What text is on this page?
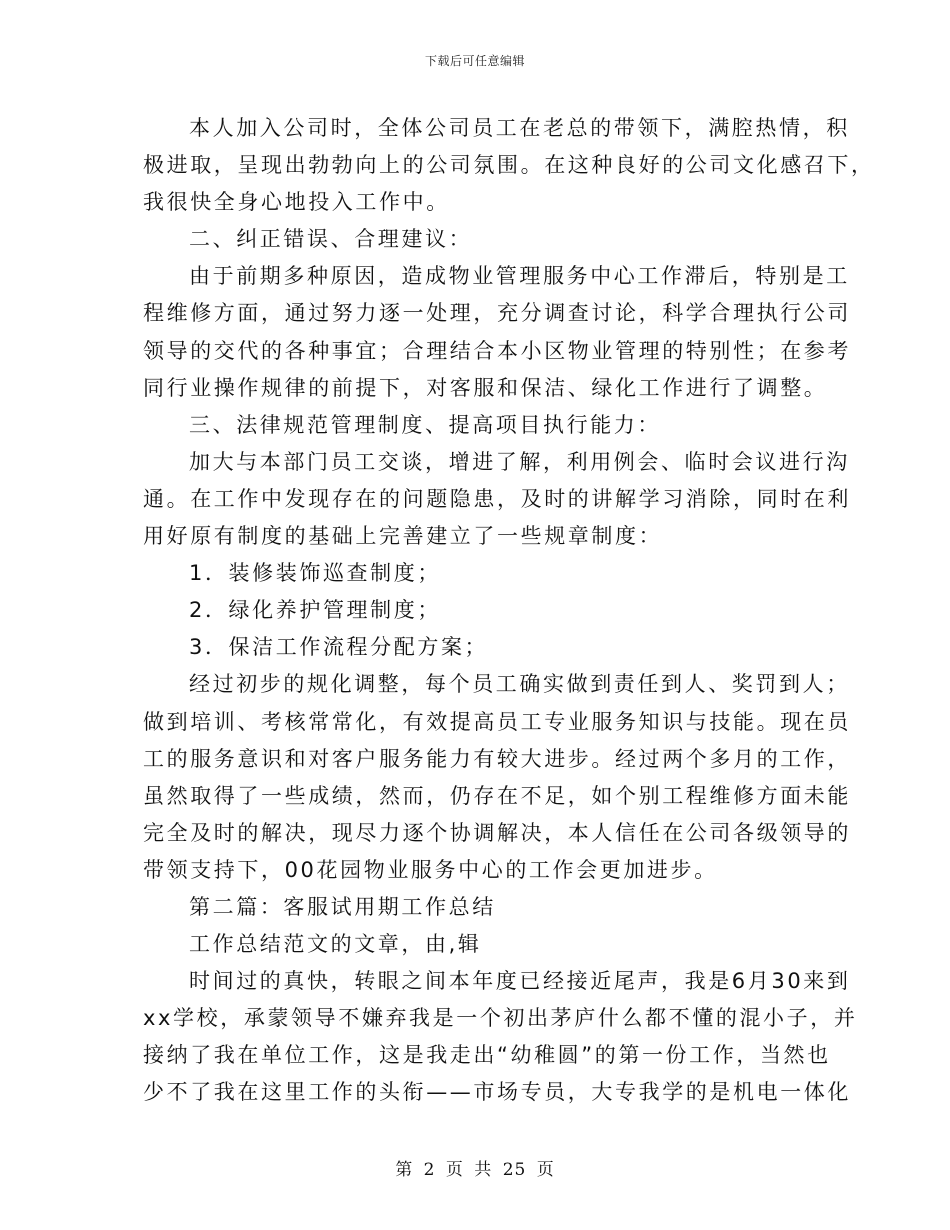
下载后可任意编辑
本人加入公司时，全体公司员工在老总的带领下，满腔热情，积
极进取，呈现出勃勃向上的公司氛围。在这种良好的公司文化感召下，
我很快全身心地投入工作中。
二、纠正错误、合理建议：
由于前期多种原因，造成物业管理服务中心工作滞后，特别是工
程维修方面，通过努力逐一处理，充分调查讨论，科学合理执行公司
领导的交代的各种事宜；合理结合本小区物业管理的特别性；在参考
同行业操作规律的前提下，对客服和保洁、绿化工作进行了调整。
三、法律规范管理制度、提高项目执行能力：
加大与本部门员工交谈，增进了解，利用例会、临时会议进行沟
通。在工作中发现存在的问题隐患，及时的讲解学习消除，同时在利
用好原有制度的基础上完善建立了一些规章制度：
1．装修装饰巡查制度；
2．绿化养护管理制度；
3．保洁工作流程分配方案；
经过初步的规化调整，每个员工确实做到责任到人、奖罚到人；
做到培训、考核常常化，有效提高员工专业服务知识与技能。现在员
工的服务意识和对客户服务能力有较大进步。经过两个多月的工作，
虽然取得了一些成绩，然而，仍存在不足，如个别工程维修方面未能
完全及时的解决，现尽力逐个协调解决，本人信任在公司各级领导的
带领支持下，00花园物业服务中心的工作会更加进步。
第二篇：客服试用期工作总结
工作总结范文的文章，由,辑
时间过的真快，转眼之间本年度已经接近尾声，我是6月30来到
xx学校，承蒙领导不嫌弃我是一个初出茅庐什么都不懂的混小子，并
接纳了我在单位工作，这是我走出“幼稚圆”的第一份工作，当然也
少不了我在这里工作的头衔——市场专员，大专我学的是机电一体化
第 2 页 共 25 页
